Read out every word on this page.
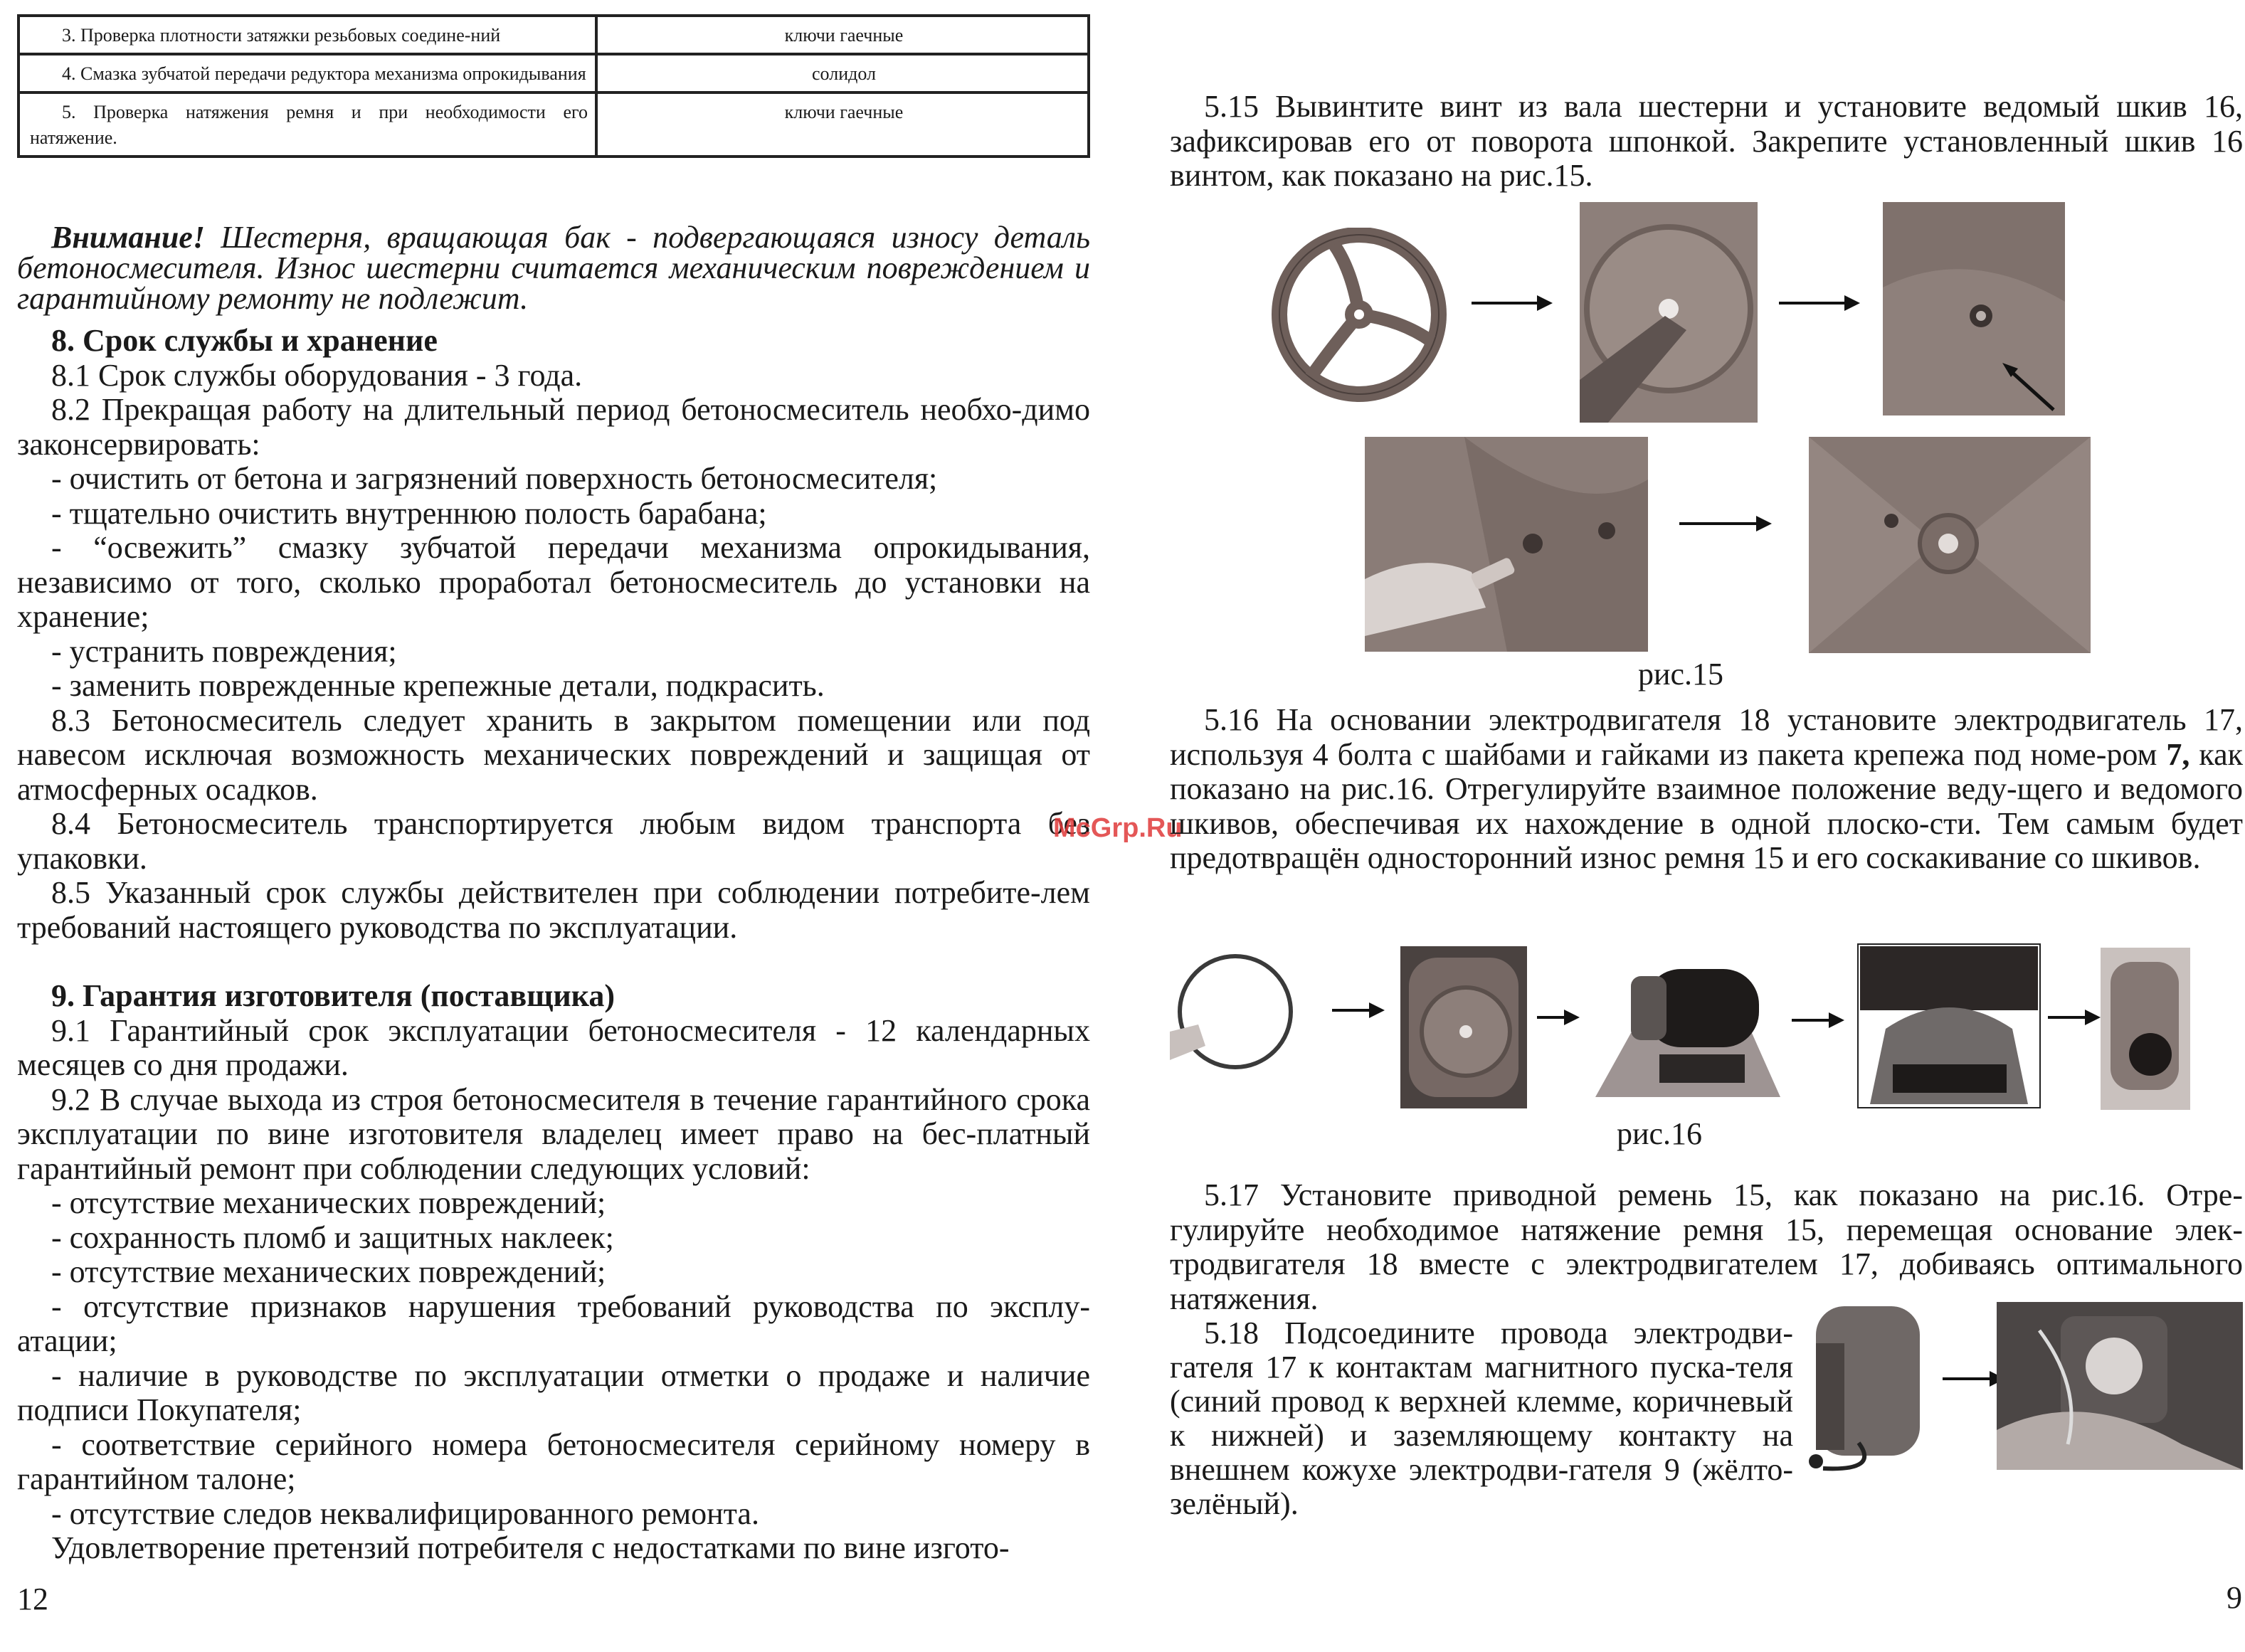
3. Проверка плотности затяжки резьбовых соедине-ний	ключи гаечные
4. Смазка зубчатой передачи редуктора механизма опрокидывания	солидол
5. Проверка натяжения ремня и при необходимости его натяжение.	ключи гаечные

Внимание! Шестерня, вращающая бак - подвергающаяся износу деталь бетоносмесителя. Износ шестерни считается механическим повреждением и гарантийному ремонту не подлежит.

8. Срок службы и хранение

8.1 Срок службы оборудования - 3 года.

8.2 Прекращая работу на длительный период бетоносмеситель необхо-димо законсервировать:

- очистить от бетона и загрязнений поверхность бетоносмесителя;

- тщательно очистить внутреннюю полость барабана;

- “освежить” смазку зубчатой передачи механизма опрокидывания, независимо от того, сколько проработал бетоносмеситель до установки на хранение;

- устранить повреждения;

- заменить поврежденные крепежные детали, подкрасить.

8.3 Бетоносмеситель следует хранить в закрытом помещении или под навесом исключая возможность механических повреждений и защищая от атмосферных осадков.

8.4 Бетоносмеситель транспортируется любым видом транспорта без упаковки.

8.5 Указанный срок службы действителен при соблюдении потребите-лем требований настоящего руководства по эксплуатации.

9. Гарантия изготовителя (поставщика)

9.1 Гарантийный срок эксплуатации бетоносмесителя - 12 календарных месяцев со дня продажи.

9.2 В случае выхода из строя бетоносмесителя в течение гарантийного срока эксплуатации по вине изготовителя владелец имеет право на бес-платный гарантийный ремонт при соблюдении следующих условий:

- отсутствие механических повреждений;

- сохранность пломб и защитных наклеек;

- отсутствие механических повреждений;

- отсутствие признаков нарушения требований руководства по эксплу-атации;

- наличие в руководстве по эксплуатации отметки о продаже и наличие подписи Покупателя;

- соответствие серийного номера бетоносмесителя серийному номеру в гарантийном талоне;

- отсутствие следов неквалифицированного ремонта.

Удовлетворение претензий потребителя с недостатками по вине изгото-

12
McGrp.Ru

5.15 Вывинтите винт из вала шестерни и установите ведомый шкив 16, зафиксировав его от поворота шпонкой. Закрепите установленный шкив 16 винтом, как показано на рис.15.

рис.15

5.16 На основании электродвигателя 18 установите электродвигатель 17, используя 4 болта с шайбами и гайками из пакета крепежа под номе-ром 7, как показано на рис.16. Отрегулируйте взаимное положение веду-щего и ведомого шкивов, обеспечивая их нахождение в одной плоско-сти. Тем самым будет предотвращён односторонний износ ремня 15 и его соскакивание со шкивов.

рис.16

5.17 Установите приводной ремень 15, как показано на рис.16. Отре-гулируйте необходимое натяжение ремня 15, перемещая основание элек-тродвигателя 18 вместе с электродвигателем 17, добиваясь оптимального натяжения.

5.18 Подсоедините провода электродви-гателя 17 к контактам магнитного пуска-теля (синий провод к верхней клемме, коричневый к нижней) и заземляющему контакту на внешнем кожухе электродви-гателя 9 (жёлто-зелёный).

9
